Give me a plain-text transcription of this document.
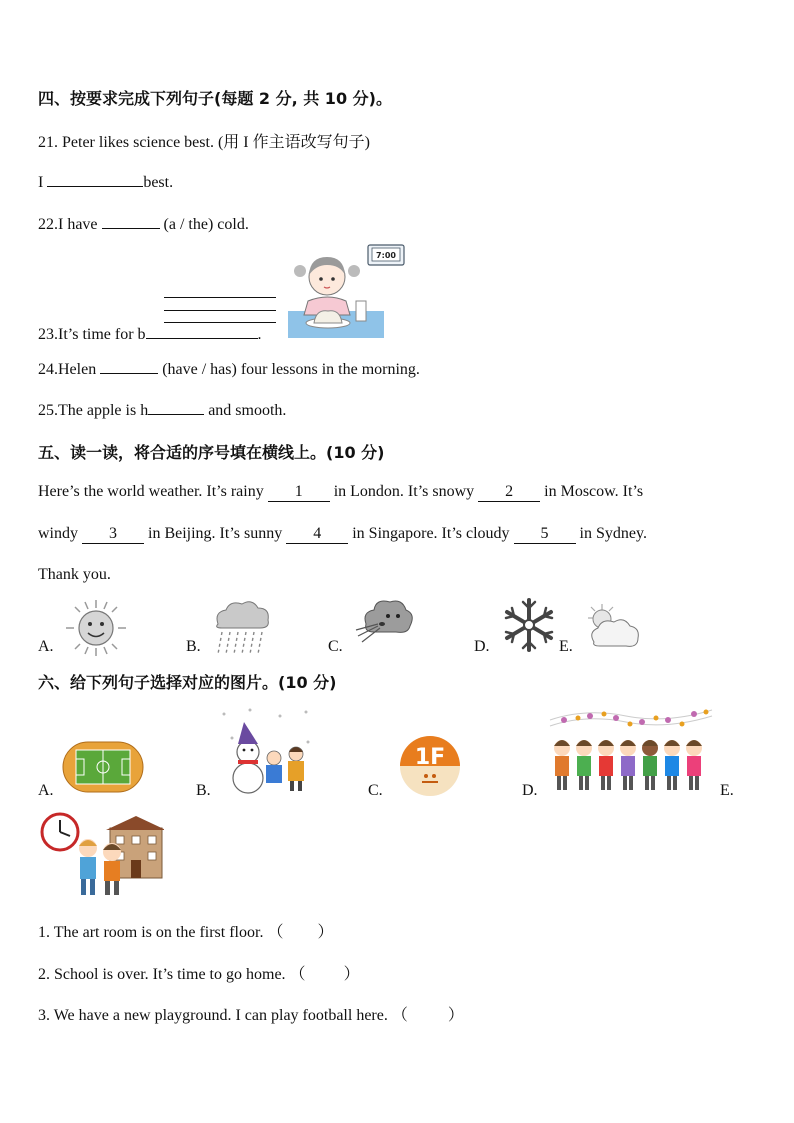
四、按要求完成下列句子(每题 2 分, 共 10 分)。
21. Peter likes science best. (用 I 作主语改写句子)
I	best.
22.I have	(a / the) cold.
7:00
23.It’s time for b	.
24.Helen	(have / has) four lessons in the morning.
25.The apple is h	and smooth.
五、读一读，将合适的序号填在横线上。(10 分)
Here’s the world weather. It’s rainy 1 in London. It’s snowy 2 in Moscow. It’s
windy 3 in Beijing. It’s sunny 4 in Singapore. It’s cloudy 5 in Sydney.
Thank you.
A.	B.	C.	D.	E.
六、给下列句子选择对应的图片。(10 分)
A.	B.	C.
1F
D.	E.
1. The art room is on the first floor. （ ）
2. School is over. It’s time to go home. （ ）
3. We have a new playground. I can play football here. （	）
